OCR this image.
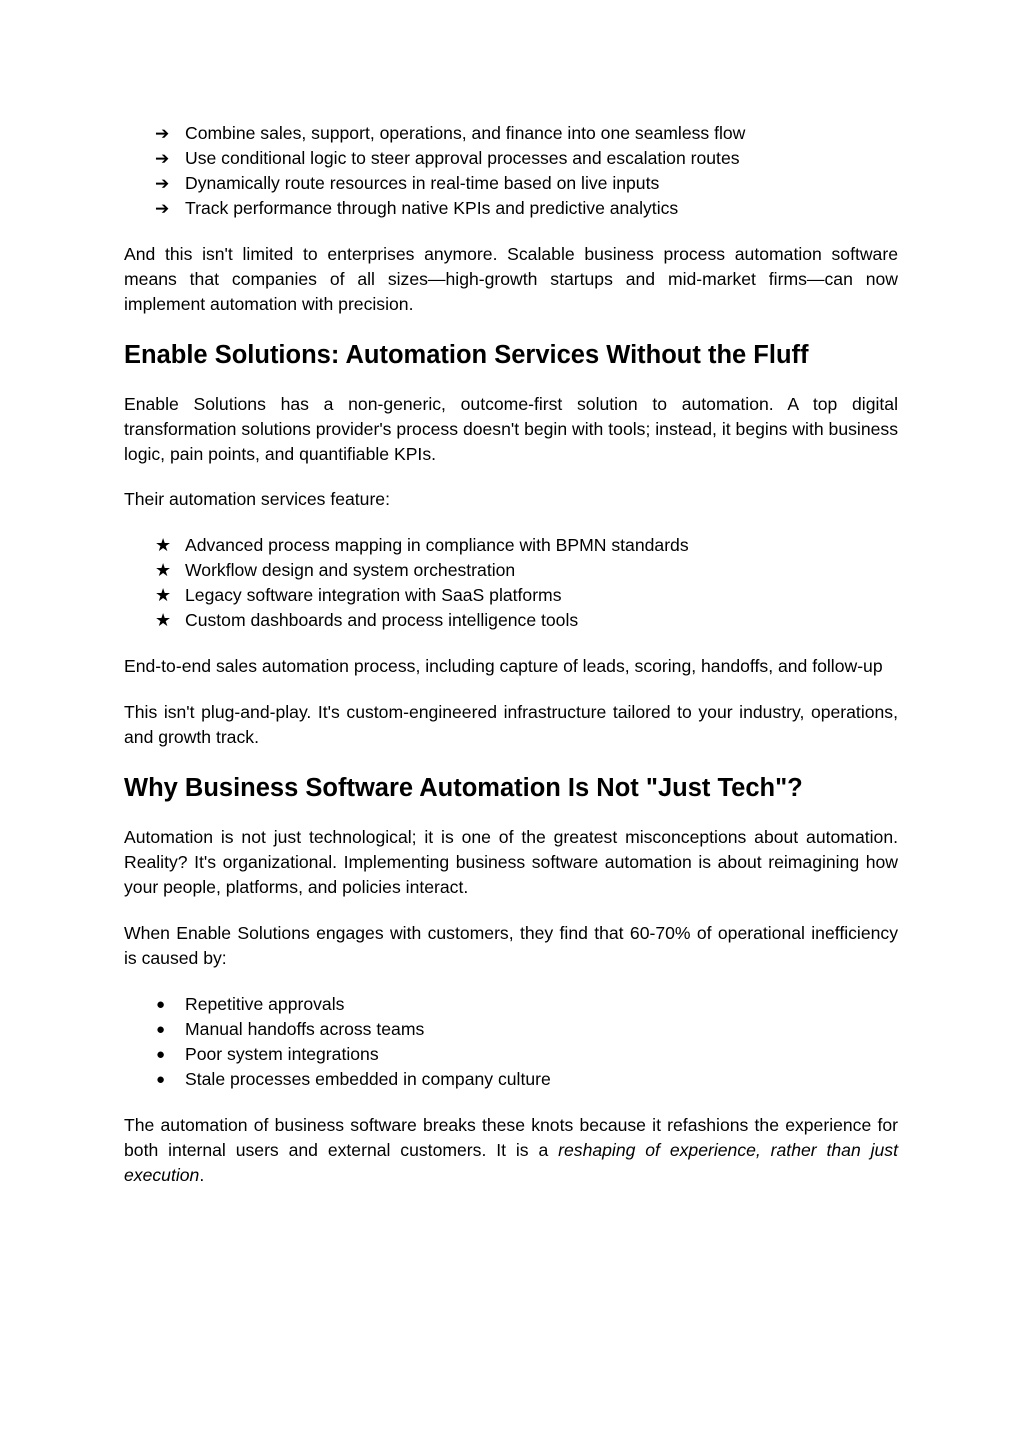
➔ Combine sales, support, operations, and finance into one seamless flow
➔ Use conditional logic to steer approval processes and escalation routes
➔ Dynamically route resources in real-time based on live inputs
➔ Track performance through native KPIs and predictive analytics

And this isn't limited to enterprises anymore. Scalable business process automation software means that companies of all sizes—high-growth startups and mid-market firms—can now implement automation with precision.

Enable Solutions: Automation Services Without the Fluff

Enable Solutions has a non-generic, outcome-first solution to automation. A top digital transformation solutions provider's process doesn't begin with tools; instead, it begins with business logic, pain points, and quantifiable KPIs.

Their automation services feature:

★ Advanced process mapping in compliance with BPMN standards
★ Workflow design and system orchestration
★ Legacy software integration with SaaS platforms
★ Custom dashboards and process intelligence tools

End-to-end sales automation process, including capture of leads, scoring, handoffs, and follow-up

This isn't plug-and-play. It's custom-engineered infrastructure tailored to your industry, operations, and growth track.

Why Business Software Automation Is Not "Just Tech"?

Automation is not just technological; it is one of the greatest misconceptions about automation. Reality? It's organizational. Implementing business software automation is about reimagining how your people, platforms, and policies interact.

When Enable Solutions engages with customers, they find that 60-70% of operational inefficiency is caused by:

●	Repetitive approvals
●	Manual handoffs across teams
●	Poor system integrations
●	Stale processes embedded in company culture

The automation of business software breaks these knots because it refashions the experience for both internal users and external customers. It is a reshaping of experience, rather than just execution.
